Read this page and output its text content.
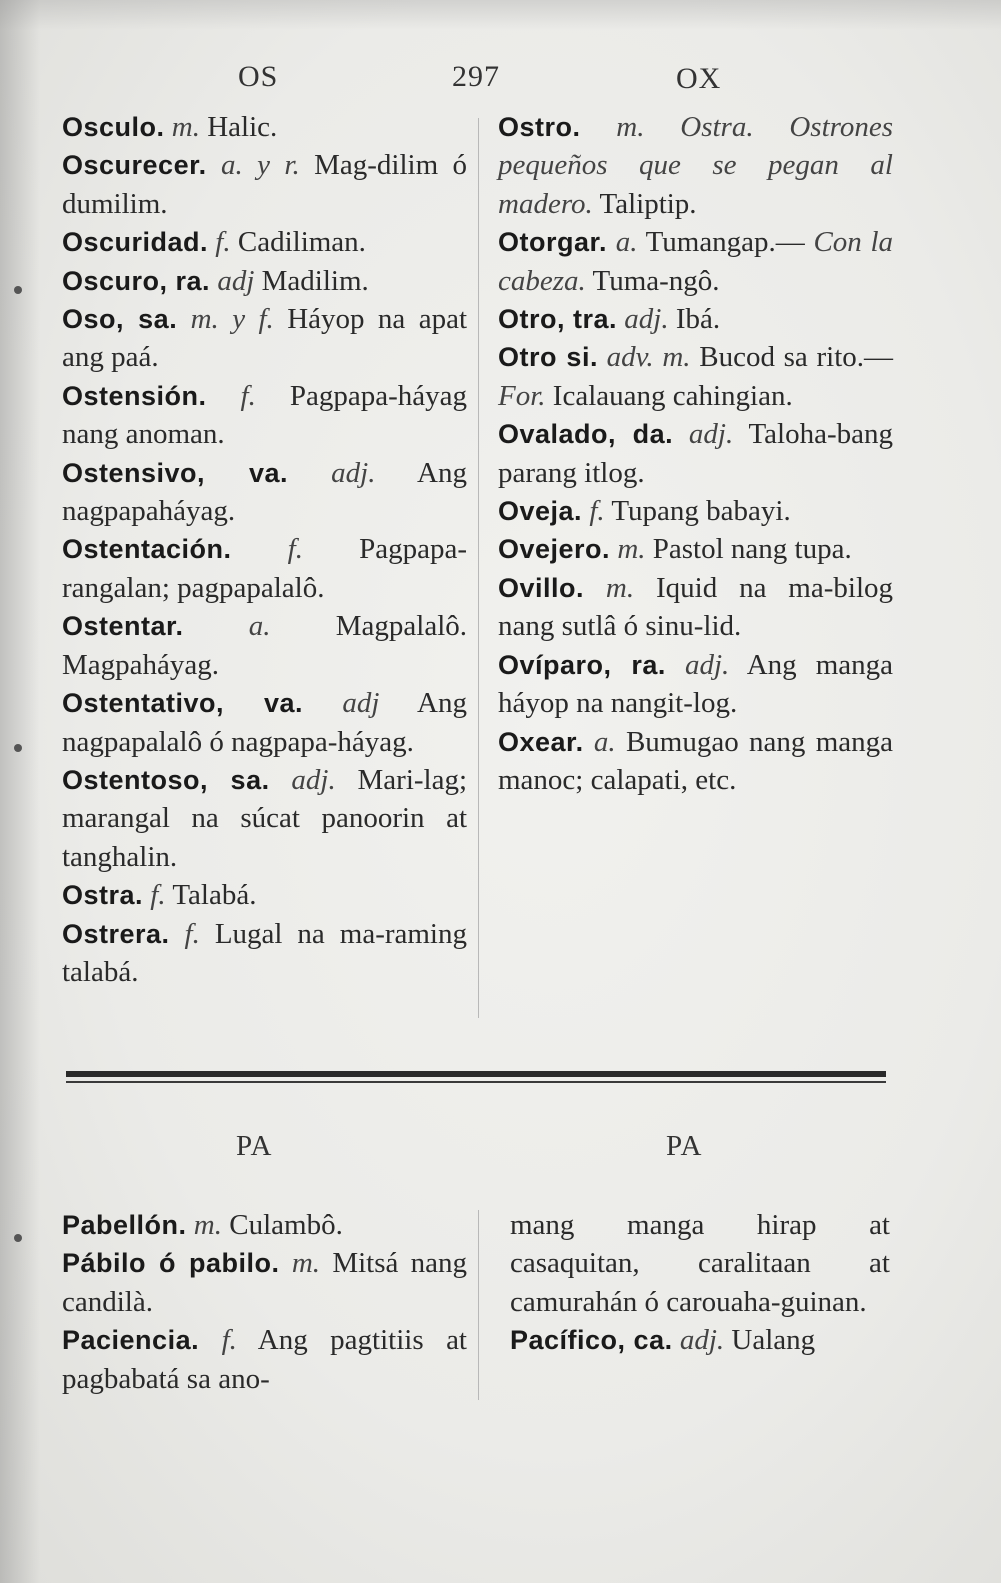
OS	297	OX

Osculo. m. Halic.

Oscurecer. a. y r. Mag-dilim ó dumilim.

Oscuridad. f. Cadiliman.

Oscuro, ra. adj Madilim.

Oso, sa. m. y f. Háyop na apat ang paá.

Ostensión. f. Pagpapa-háyag nang anoman.

Ostensivo, va. adj. Ang nagpapaháyag.

Ostentación. f. Pagpapa-rangalan; pagpapalalô.

Ostentar. a. Magpalalô. Magpaháyag.

Ostentativo, va. adj Ang nagpapalalô ó nagpapa-háyag.

Ostentoso, sa. adj. Mari-lag; marangal na súcat panoorin at tanghalin.

Ostra. f. Talabá.

Ostrera. f. Lugal na ma-raming talabá.

Ostro. m. Ostra. Ostrones pequeños que se pegan al madero. Taliptip.

Otorgar. a. Tumangap.— Con la cabeza. Tuma-ngô.

Otro, tra. adj. Ibá.

Otro si. adv. m. Bucod sa rito.— For. Icalauang cahingian.

Ovalado, da. adj. Taloha-bang parang itlog.

Oveja. f. Tupang babayi.

Ovejero. m. Pastol nang tupa.

Ovillo. m. Iquid na ma-bilog nang sutlâ ó sinu-lid.

Ovíparo, ra. adj. Ang manga háyop na nangit-log.

Oxear. a. Bumugao nang manga manoc; calapati, etc.

PA	PA

Pabellón. m. Culambô.

Pábilo ó pabilo. m. Mitsá nang candilà.

Paciencia. f. Ang pagtitiis at pagbabatá sa ano-

mang manga hirap at casaquitan, caralitaan at camurahán ó carouaha-guinan.

Pacífico, ca. adj. Ualang
